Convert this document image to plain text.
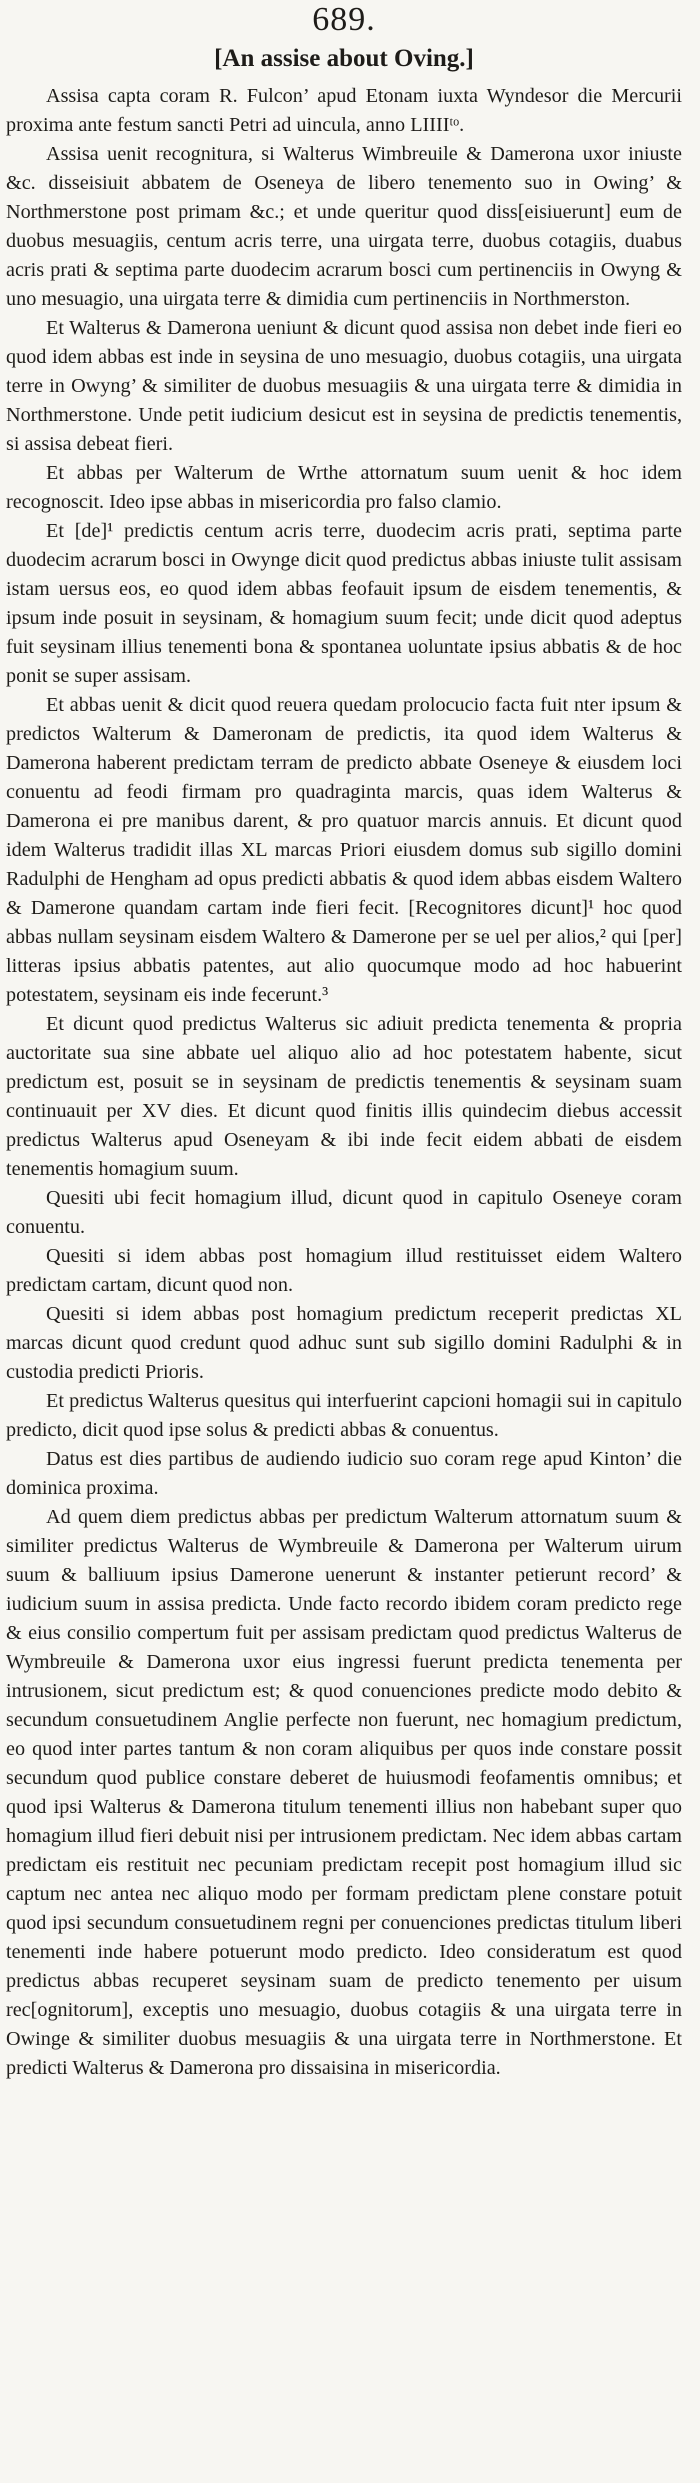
689.
[An assise about Oving.]

Assisa capta coram R. Fulcon’ apud Etonam iuxta Wyndesor die Mercurii proxima ante festum sancti Petri ad uincula, anno LIIIIᵗᵒ.

Assisa uenit recognitura, si Walterus Wimbreuile & Damerona uxor iniuste &c. disseisiuit abbatem de Oseneya de libero tenemento suo in Owing’ & Northmerstone post primam &c.; et unde queritur quod diss[eisiuerunt] eum de duobus mesuagiis, centum acris terre, una uirgata terre, duobus cotagiis, duabus acris prati & septima parte duodecim acrarum bosci cum pertinenciis in Owyng & uno mesuagio, una uirgata terre & dimidia cum pertinenciis in Northmerston.

Et Walterus & Damerona ueniunt & dicunt quod assisa non debet inde fieri eo quod idem abbas est inde in seysina de uno mesuagio, duobus cotagiis, una uirgata terre in Owyng’ & similiter de duobus mesuagiis & una uirgata terre & dimidia in Northmerstone. Unde petit iudicium desicut est in seysina de predictis tenementis, si assisa debeat fieri.

Et abbas per Walterum de Wrthe attornatum suum uenit & hoc idem recognoscit. Ideo ipse abbas in misericordia pro falso clamio.

Et [de]¹ predictis centum acris terre, duodecim acris prati, septima parte duodecim acrarum bosci in Owynge dicit quod predictus abbas iniuste tulit assisam istam uersus eos, eo quod idem abbas feofauit ipsum de eisdem tenementis, & ipsum inde posuit in seysinam, & homagium suum fecit; unde dicit quod adeptus fuit seysinam illius tenementi bona & spontanea uoluntate ipsius abbatis & de hoc ponit se super assisam.

Et abbas uenit & dicit quod reuera quedam prolocucio facta fuit nter ipsum & predictos Walterum & Dameronam de predictis, ita quod idem Walterus & Damerona haberent predictam terram de predicto abbate Oseneye & eiusdem loci conuentu ad feodi firmam pro quadraginta marcis, quas idem Walterus & Damerona ei pre manibus darent, & pro quatuor marcis annuis. Et dicunt quod idem Walterus tradidit illas XL marcas Priori eiusdem domus sub sigillo domini Radulphi de Hengham ad opus predicti abbatis & quod idem abbas eisdem Waltero & Damerone quandam cartam inde fieri fecit. [Recognitores dicunt]¹ hoc quod abbas nullam seysinam eisdem Waltero & Damerone per se uel per alios,² qui [per] litteras ipsius abbatis patentes, aut alio quocumque modo ad hoc habuerint potestatem, seysinam eis inde fecerunt.³

Et dicunt quod predictus Walterus sic adiuit predicta tenementa & propria auctoritate sua sine abbate uel aliquo alio ad hoc potestatem habente, sicut predictum est, posuit se in seysinam de predictis tenementis & seysinam suam continuauit per XV dies. Et dicunt quod finitis illis quindecim diebus accessit predictus Walterus apud Oseneyam & ibi inde fecit eidem abbati de eisdem tenementis homagium suum.

Quesiti ubi fecit homagium illud, dicunt quod in capitulo Oseneye coram conuentu.

Quesiti si idem abbas post homagium illud restituisset eidem Waltero predictam cartam, dicunt quod non.

Quesiti si idem abbas post homagium predictum receperit predictas XL marcas dicunt quod credunt quod adhuc sunt sub sigillo domini Radulphi & in custodia predicti Prioris.

Et predictus Walterus quesitus qui interfuerint capcioni homagii sui in capitulo predicto, dicit quod ipse solus & predicti abbas & conuentus.

Datus est dies partibus de audiendo iudicio suo coram rege apud Kinton’ die dominica proxima.

Ad quem diem predictus abbas per predictum Walterum attornatum suum & similiter predictus Walterus de Wymbreuile & Damerona per Walterum uirum suum & balliuum ipsius Damerone uenerunt & instanter petierunt record’ & iudicium suum in assisa predicta. Unde facto recordo ibidem coram predicto rege & eius consilio compertum fuit per assisam predictam quod predictus Walterus de Wymbreuile & Damerona uxor eius ingressi fuerunt predicta tenementa per intrusionem, sicut predictum est; & quod conuenciones predicte modo debito & secundum consuetudinem Anglie perfecte non fuerunt, nec homagium predictum, eo quod inter partes tantum & non coram aliquibus per quos inde constare possit secundum quod publice constare deberet de huiusmodi feofamentis omnibus; et quod ipsi Walterus & Damerona titulum tenementi illius non habebant super quo homagium illud fieri debuit nisi per intrusionem predictam. Nec idem abbas cartam predictam eis restituit nec pecuniam predictam recepit post homagium illud sic captum nec antea nec aliquo modo per formam predictam plene constare potuit quod ipsi secundum consuetudinem regni per conuenciones predictas titulum liberi tenementi inde habere potuerunt modo predicto. Ideo consideratum est quod predictus abbas recuperet seysinam suam de predicto tenemento per uisum rec[ognitorum], exceptis uno mesuagio, duobus cotagiis & una uirgata terre in Owinge & similiter duobus mesuagiis & una uirgata terre in Northmerstone. Et predicti Walterus & Damerona pro dissaisina in misericordia.
